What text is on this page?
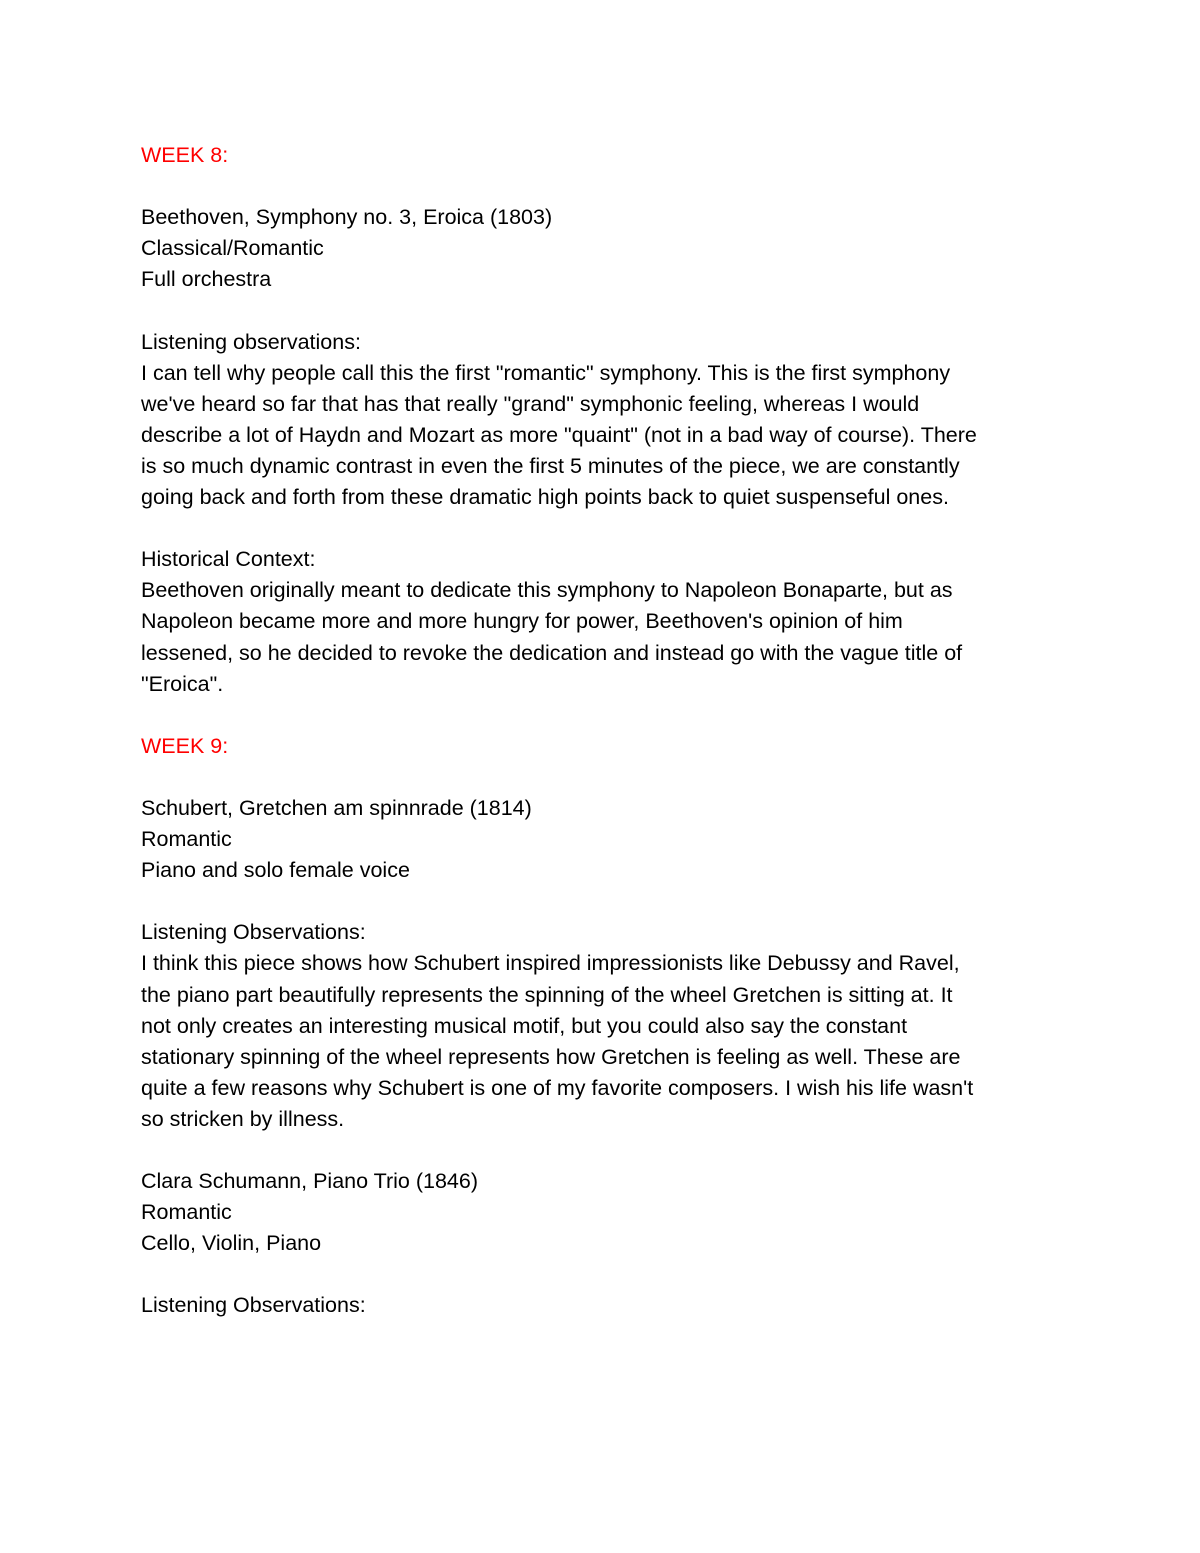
WEEK 8:
Beethoven, Symphony no. 3, Eroica (1803)
Classical/Romantic
Full orchestra
Listening observations:
I can tell why people call this the first "romantic" symphony. This is the first symphony
we've heard so far that has that really "grand" symphonic feeling, whereas I would
describe a lot of Haydn and Mozart as more "quaint" (not in a bad way of course). There
is so much dynamic contrast in even the first 5 minutes of the piece, we are constantly
going back and forth from these dramatic high points back to quiet suspenseful ones.
Historical Context:
Beethoven originally meant to dedicate this symphony to Napoleon Bonaparte, but as
Napoleon became more and more hungry for power, Beethoven's opinion of him
lessened, so he decided to revoke the dedication and instead go with the vague title of
"Eroica".
WEEK 9:
Schubert, Gretchen am spinnrade (1814)
Romantic
Piano and solo female voice
Listening Observations:
I think this piece shows how Schubert inspired impressionists like Debussy and Ravel,
the piano part beautifully represents the spinning of the wheel Gretchen is sitting at. It
not only creates an interesting musical motif, but you could also say the constant
stationary spinning of the wheel represents how Gretchen is feeling as well. These are
quite a few reasons why Schubert is one of my favorite composers. I wish his life wasn't
so stricken by illness.
Clara Schumann, Piano Trio (1846)
Romantic
Cello, Violin, Piano
Listening Observations:
